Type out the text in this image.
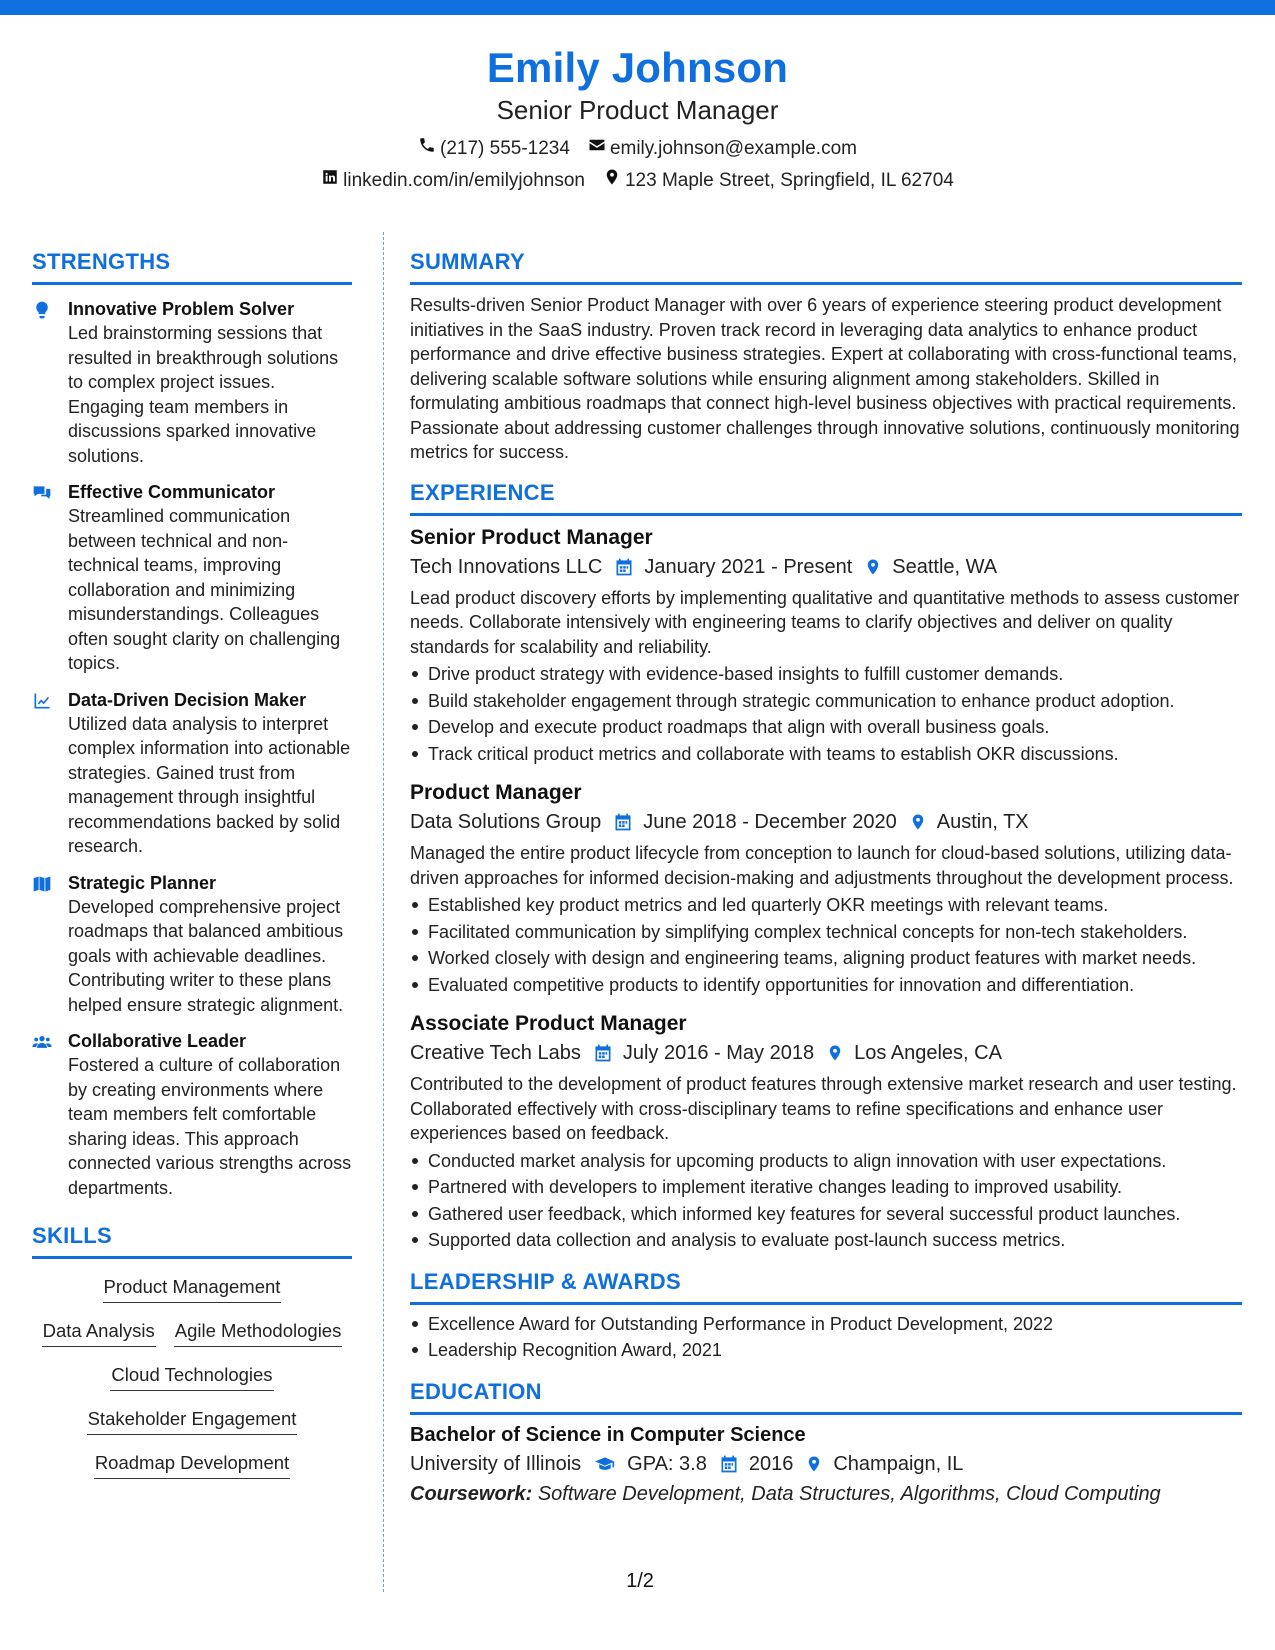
Emily Johnson
Senior Product Manager
(217) 555-1234 emily.johnson@example.com
linkedin.com/in/emilyjohnson 123 Maple Street, Springfield, IL 62704
STRENGTHS
Innovative Problem Solver
Led brainstorming sessions that resulted in breakthrough solutions to complex project issues. Engaging team members in discussions sparked innovative solutions.
Effective Communicator
Streamlined communication between technical and non-technical teams, improving collaboration and minimizing misunderstandings. Colleagues often sought clarity on challenging topics.
Data-Driven Decision Maker
Utilized data analysis to interpret complex information into actionable strategies. Gained trust from management through insightful recommendations backed by solid research.
Strategic Planner
Developed comprehensive project roadmaps that balanced ambitious goals with achievable deadlines. Contributing writer to these plans helped ensure strategic alignment.
Collaborative Leader
Fostered a culture of collaboration by creating environments where team members felt comfortable sharing ideas. This approach connected various strengths across departments.
SKILLS
Product Management
Data Analysis Agile Methodologies
Cloud Technologies
Stakeholder Engagement
Roadmap Development
SUMMARY
Results-driven Senior Product Manager with over 6 years of experience steering product development initiatives in the SaaS industry. Proven track record in leveraging data analytics to enhance product performance and drive effective business strategies. Expert at collaborating with cross-functional teams, delivering scalable software solutions while ensuring alignment among stakeholders. Skilled in formulating ambitious roadmaps that connect high-level business objectives with practical requirements. Passionate about addressing customer challenges through innovative solutions, continuously monitoring metrics for success.
EXPERIENCE
Senior Product Manager
Tech Innovations LLC January 2021 - Present Seattle, WA
Lead product discovery efforts by implementing qualitative and quantitative methods to assess customer needs. Collaborate intensively with engineering teams to clarify objectives and deliver on quality standards for scalability and reliability.
Drive product strategy with evidence-based insights to fulfill customer demands.
Build stakeholder engagement through strategic communication to enhance product adoption.
Develop and execute product roadmaps that align with overall business goals.
Track critical product metrics and collaborate with teams to establish OKR discussions.
Product Manager
Data Solutions Group June 2018 - December 2020 Austin, TX
Managed the entire product lifecycle from conception to launch for cloud-based solutions, utilizing data-driven approaches for informed decision-making and adjustments throughout the development process.
Established key product metrics and led quarterly OKR meetings with relevant teams.
Facilitated communication by simplifying complex technical concepts for non-tech stakeholders.
Worked closely with design and engineering teams, aligning product features with market needs.
Evaluated competitive products to identify opportunities for innovation and differentiation.
Associate Product Manager
Creative Tech Labs July 2016 - May 2018 Los Angeles, CA
Contributed to the development of product features through extensive market research and user testing. Collaborated effectively with cross-disciplinary teams to refine specifications and enhance user experiences based on feedback.
Conducted market analysis for upcoming products to align innovation with user expectations.
Partnered with developers to implement iterative changes leading to improved usability.
Gathered user feedback, which informed key features for several successful product launches.
Supported data collection and analysis to evaluate post-launch success metrics.
LEADERSHIP & AWARDS
Excellence Award for Outstanding Performance in Product Development, 2022
Leadership Recognition Award, 2021
EDUCATION
Bachelor of Science in Computer Science
University of Illinois GPA: 3.8 2016 Champaign, IL
Coursework: Software Development, Data Structures, Algorithms, Cloud Computing
1/2
